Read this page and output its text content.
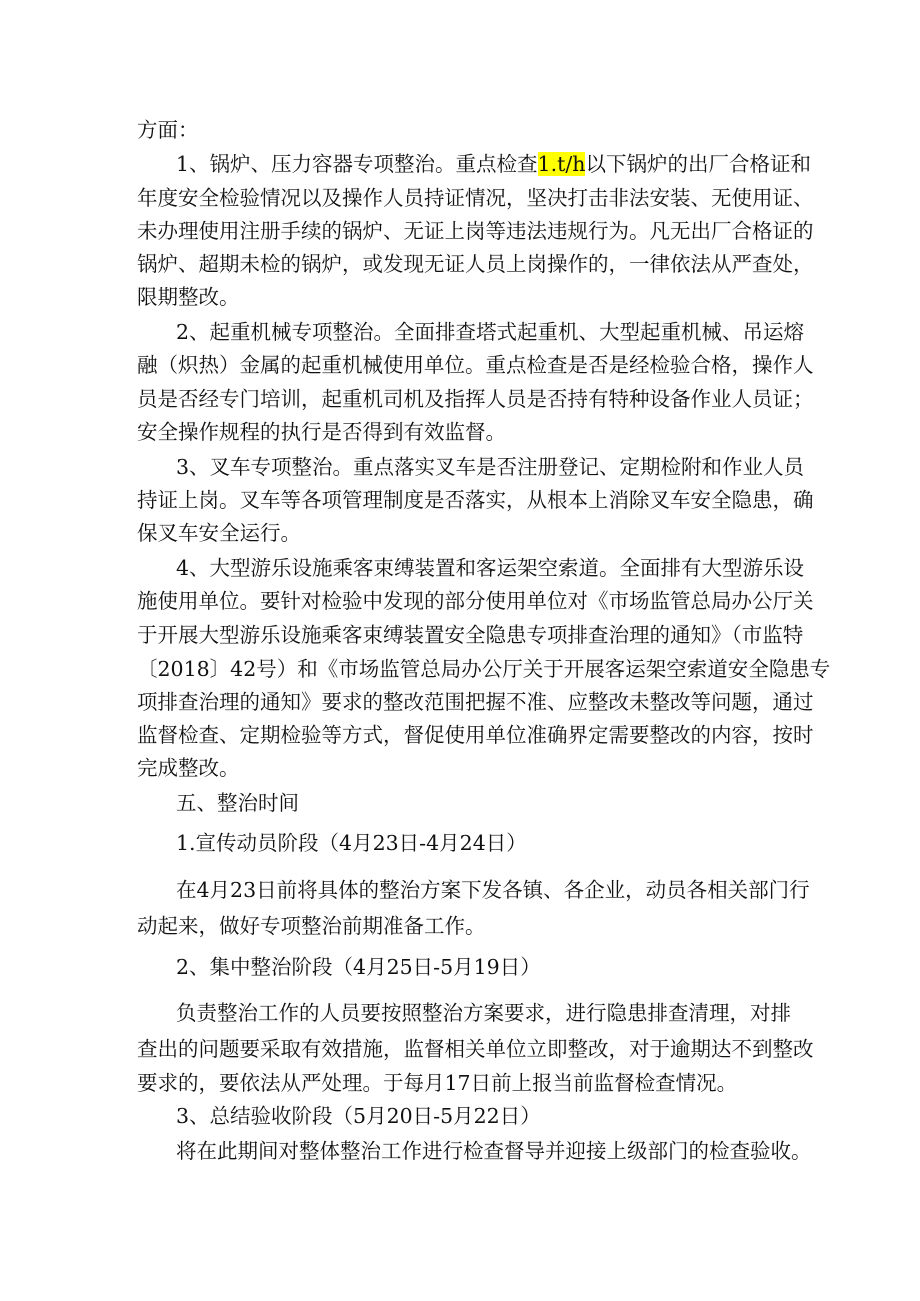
方面：
1、锅炉、压力容器专项整治。重点检查1.t/h以下锅炉的出厂合格证和
年度安全检验情况以及操作人员持证情况，坚决打击非法安装、无使用证、
未办理使用注册手续的锅炉、无证上岗等违法违规行为。凡无出厂合格证的
锅炉、超期未检的锅炉，或发现无证人员上岗操作的，一律依法从严查处，
限期整改。
2、起重机械专项整治。全面排查塔式起重机、大型起重机械、吊运熔
融（炽热）金属的起重机械使用单位。重点检查是否是经检验合格，操作人
员是否经专门培训，起重机司机及指挥人员是否持有特种设备作业人员证；
安全操作规程的执行是否得到有效监督。
3、叉车专项整治。重点落实叉车是否注册登记、定期检附和作业人员
持证上岗。叉车等各项管理制度是否落实，从根本上消除叉车安全隐患，确
保叉车安全运行。
4、大型游乐设施乘客束缚装置和客运架空索道。全面排有大型游乐设
施使用单位。要针对检验中发现的部分使用单位对《市场监管总局办公厅关
于开展大型游乐设施乘客束缚装置安全隐患专项排查治理的通知》（市监特
〔2018〕42号）和《市场监管总局办公厅关于开展客运架空索道安全隐患专
项排查治理的通知》要求的整改范围把握不准、应整改未整改等问题，通过
监督检查、定期检验等方式，督促使用单位准确界定需要整改的内容，按时
完成整改。
五、整治时间
1.宣传动员阶段（4月23日-4月24日）
在4月23日前将具体的整治方案下发各镇、各企业，动员各相关部门行
动起来，做好专项整治前期准备工作。
2、集中整治阶段（4月25日-5月19日）
负责整治工作的人员要按照整治方案要求，进行隐患排查清理，对排
查出的问题要采取有效措施，监督相关单位立即整改，对于逾期达不到整改
要求的，要依法从严处理。于每月17日前上报当前监督检查情况。
3、总结验收阶段（5月20日-5月22日）
将在此期间对整体整治工作进行检查督导并迎接上级部门的检查验收。
